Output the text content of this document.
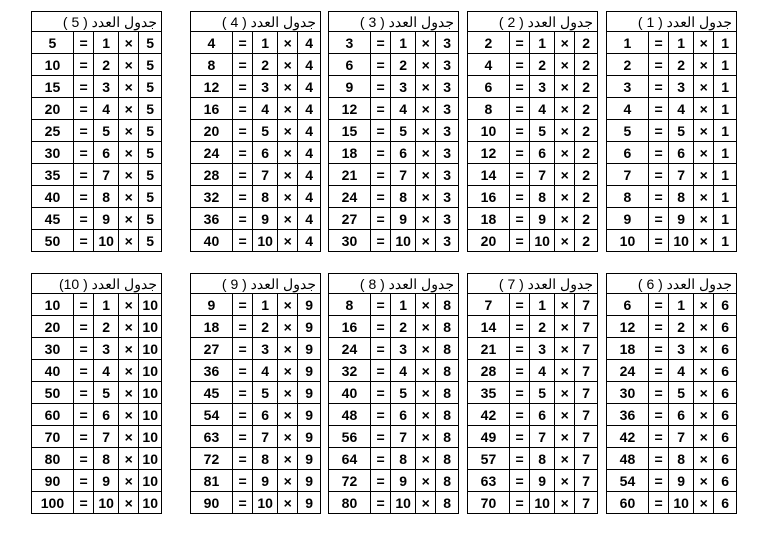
( 5 ) جدول العدد				
5	=	1	×	5
10	=	2	×	5
15	=	3	×	5
20	=	4	×	5
25	=	5	×	5
30	=	6	×	5
35	=	7	×	5
40	=	8	×	5
45	=	9	×	5
50	=	10	×	5
( 4 ) جدول العدد				
4	=	1	×	4
8	=	2	×	4
12	=	3	×	4
16	=	4	×	4
20	=	5	×	4
24	=	6	×	4
28	=	7	×	4
32	=	8	×	4
36	=	9	×	4
40	=	10	×	4
( 3 ) جدول العدد				
3	=	1	×	3
6	=	2	×	3
9	=	3	×	3
12	=	4	×	3
15	=	5	×	3
18	=	6	×	3
21	=	7	×	3
24	=	8	×	3
27	=	9	×	3
30	=	10	×	3
( 2 ) جدول العدد				
2	=	1	×	2
4	=	2	×	2
6	=	3	×	2
8	=	4	×	2
10	=	5	×	2
12	=	6	×	2
14	=	7	×	2
16	=	8	×	2
18	=	9	×	2
20	=	10	×	2
( 1 ) جدول العدد				
1	=	1	×	1
2	=	2	×	1
3	=	3	×	1
4	=	4	×	1
5	=	5	×	1
6	=	6	×	1
7	=	7	×	1
8	=	8	×	1
9	=	9	×	1
10	=	10	×	1
(10 ) جدول العدد				
10	=	1	×	10
20	=	2	×	10
30	=	3	×	10
40	=	4	×	10
50	=	5	×	10
60	=	6	×	10
70	=	7	×	10
80	=	8	×	10
90	=	9	×	10
100	=	10	×	10
( 9 ) جدول العدد				
9	=	1	×	9
18	=	2	×	9
27	=	3	×	9
36	=	4	×	9
45	=	5	×	9
54	=	6	×	9
63	=	7	×	9
72	=	8	×	9
81	=	9	×	9
90	=	10	×	9
( 8 ) جدول العدد				
8	=	1	×	8
16	=	2	×	8
24	=	3	×	8
32	=	4	×	8
40	=	5	×	8
48	=	6	×	8
56	=	7	×	8
64	=	8	×	8
72	=	9	×	8
80	=	10	×	8
( 7 ) جدول العدد				
7	=	1	×	7
14	=	2	×	7
21	=	3	×	7
28	=	4	×	7
35	=	5	×	7
42	=	6	×	7
49	=	7	×	7
57	=	8	×	7
63	=	9	×	7
70	=	10	×	7
( 6 ) جدول العدد				
6	=	1	×	6
12	=	2	×	6
18	=	3	×	6
24	=	4	×	6
30	=	5	×	6
36	=	6	×	6
42	=	7	×	6
48	=	8	×	6
54	=	9	×	6
60	=	10	×	6
